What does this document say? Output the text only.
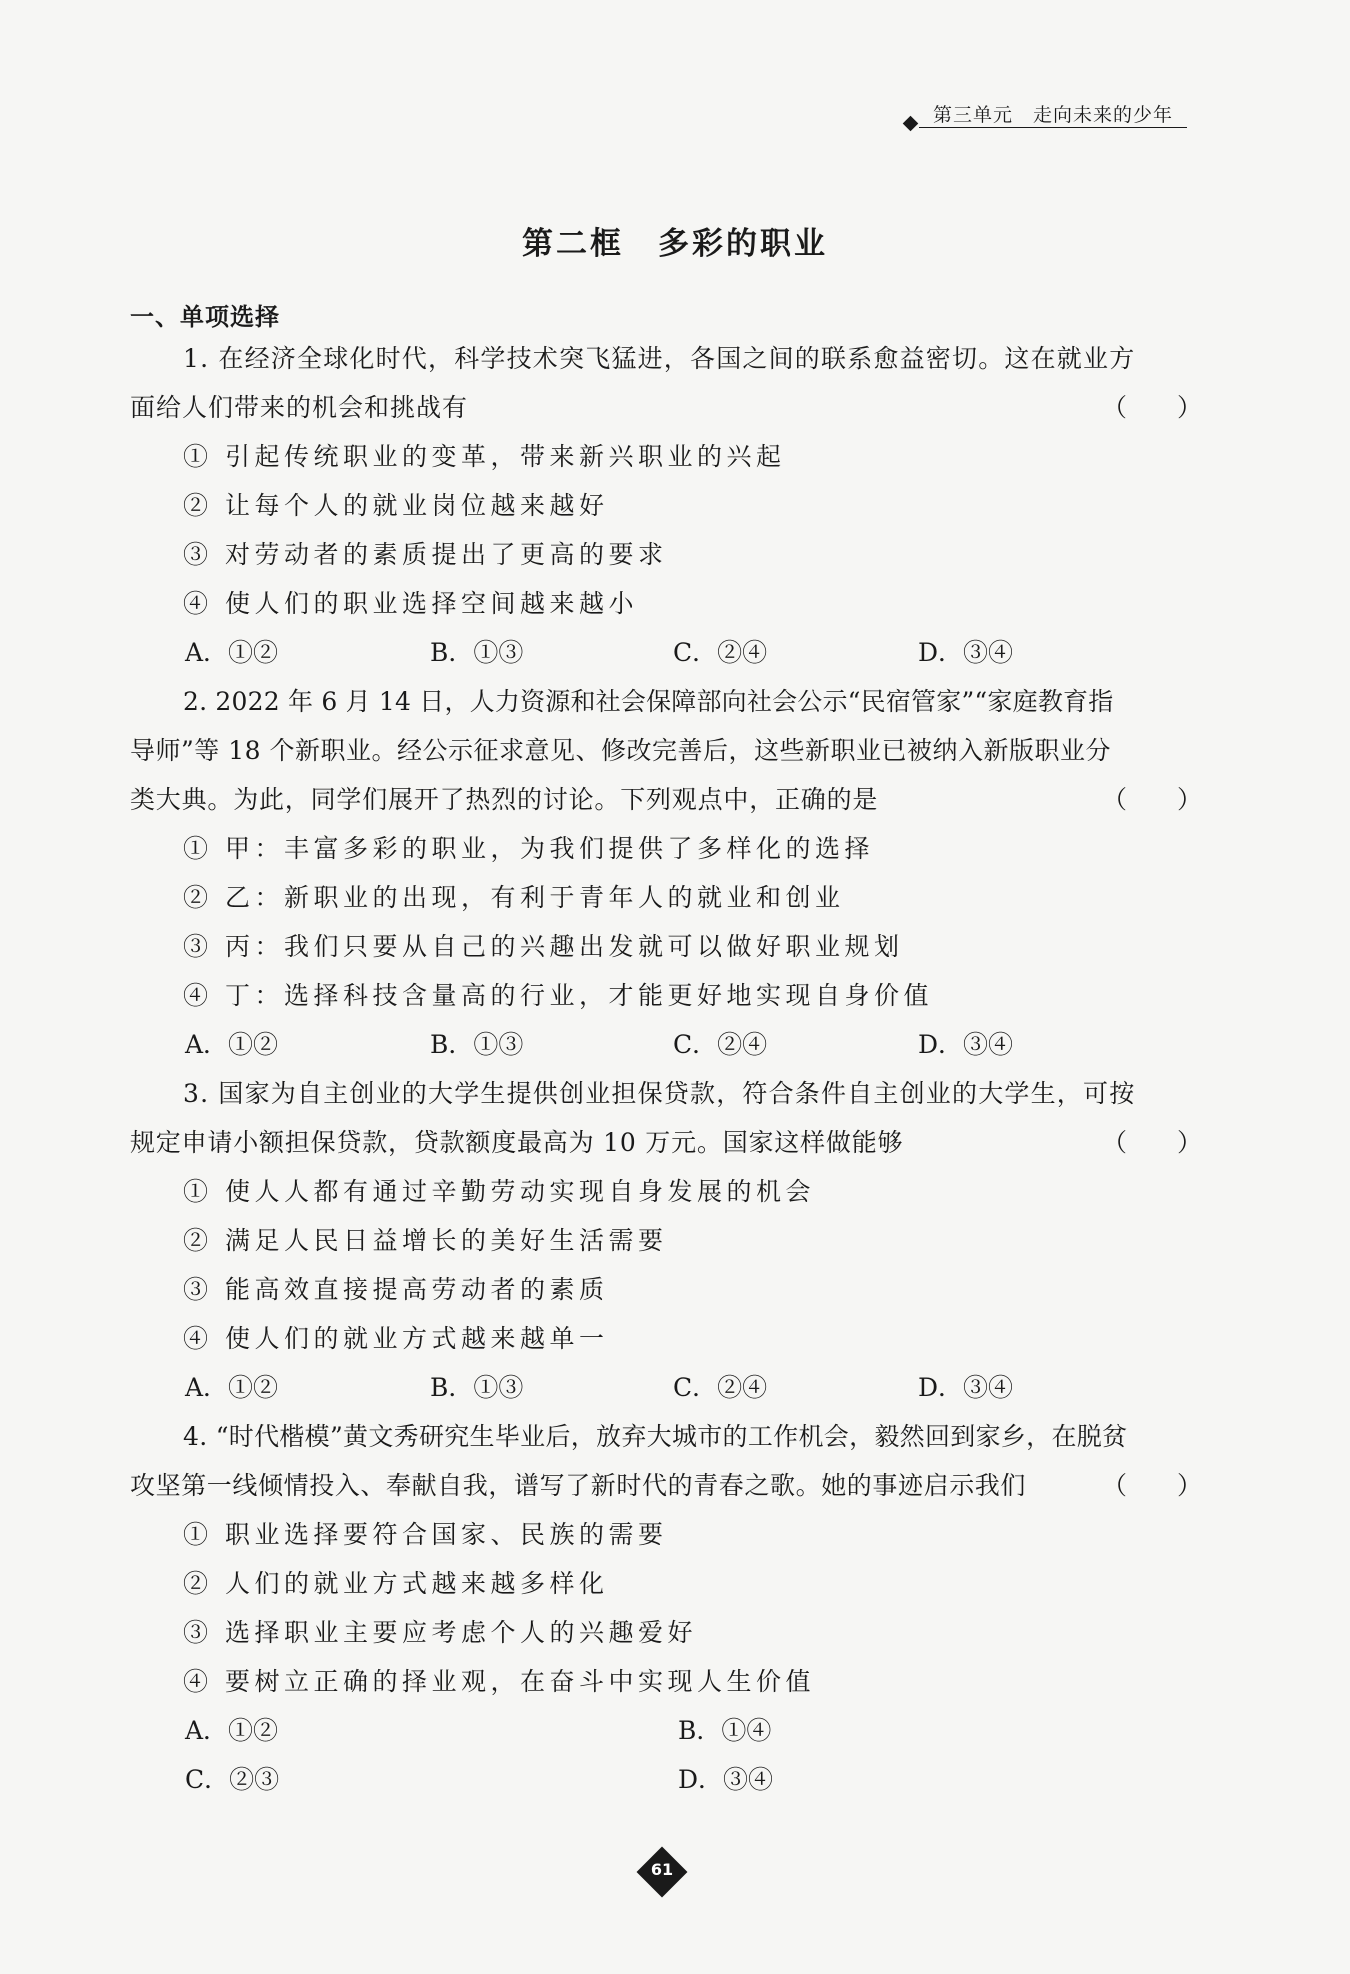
第三单元　走向未来的少年
第二框　多彩的职业
一、单项选择
1. 在经济全球化时代，科学技术突飞猛进，各国之间的联系愈益密切。这在就业方
面给人们带来的机会和挑战有	（　　）
① 引起传统职业的变革，带来新兴职业的兴起
② 让每个人的就业岗位越来越好
③ 对劳动者的素质提出了更高的要求
④ 使人们的职业选择空间越来越小
A．①②	B．①③	C．②④	D．③④
2. 2022 年 6 月 14 日，人力资源和社会保障部向社会公示“民宿管家”“家庭教育指
导师”等 18 个新职业。经公示征求意见、修改完善后，这些新职业已被纳入新版职业分
类大典。为此，同学们展开了热烈的讨论。下列观点中，正确的是	（　　）
① 甲：丰富多彩的职业，为我们提供了多样化的选择
② 乙：新职业的出现，有利于青年人的就业和创业
③ 丙：我们只要从自己的兴趣出发就可以做好职业规划
④ 丁：选择科技含量高的行业，才能更好地实现自身价值
A．①②	B．①③	C．②④	D．③④
3. 国家为自主创业的大学生提供创业担保贷款，符合条件自主创业的大学生，可按
规定申请小额担保贷款，贷款额度最高为 10 万元。国家这样做能够	（　　）
① 使人人都有通过辛勤劳动实现自身发展的机会
② 满足人民日益增长的美好生活需要
③ 能高效直接提高劳动者的素质
④ 使人们的就业方式越来越单一
A．①②	B．①③	C．②④	D．③④
4. “时代楷模”黄文秀研究生毕业后，放弃大城市的工作机会，毅然回到家乡，在脱贫
攻坚第一线倾情投入、奉献自我，谱写了新时代的青春之歌。她的事迹启示我们	（　　）
① 职业选择要符合国家、民族的需要
② 人们的就业方式越来越多样化
③ 选择职业主要应考虑个人的兴趣爱好
④ 要树立正确的择业观，在奋斗中实现人生价值
A．①②	B．①④
C．②③	D．③④
61
